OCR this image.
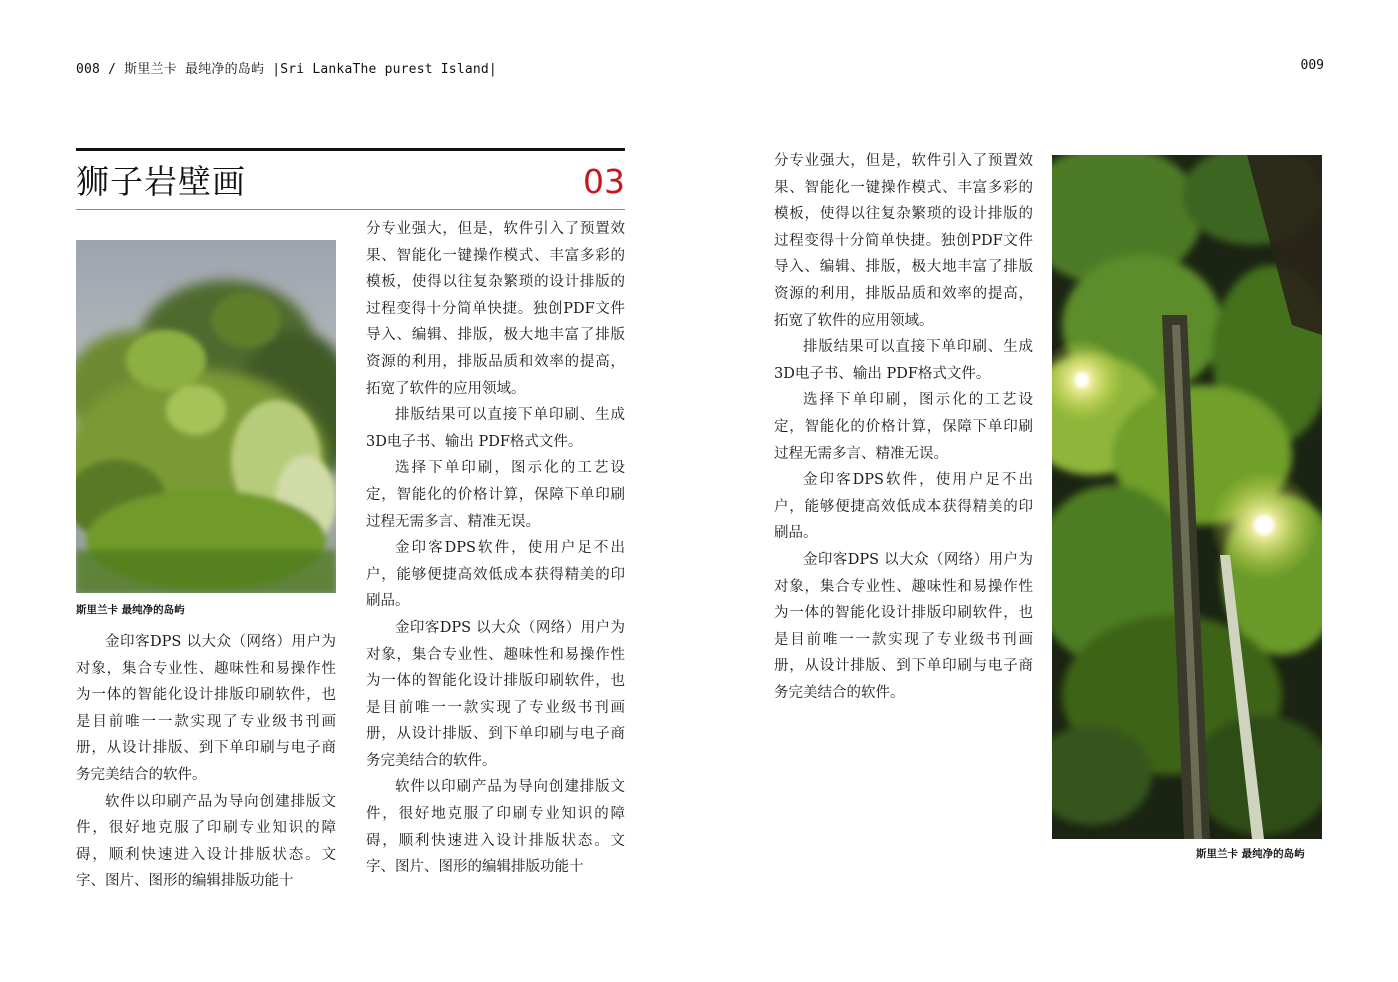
008 / 斯里兰卡 最纯净的岛屿 |Sri LankaThe purest Island|	009
狮子岩壁画	03
斯里兰卡 最纯净的岛屿

金印客DPS 以大众（网络）用户为对象，集合专业性、趣味性和易操作性为一体的智能化设计排版印刷软件，也是目前唯一一款实现了专业级书刊画册，从设计排版、到下单印刷与电子商务完美结合的软件。

软件以印刷产品为导向创建排版文件，很好地克服了印刷专业知识的障碍，顺利快速进入设计排版状态。文字、图片、图形的编辑排版功能十

分专业强大，但是，软件引入了预置效果、智能化一键操作模式、丰富多彩的模板，使得以往复杂繁琐的设计排版的过程变得十分简单快捷。独创PDF文件导入、编辑、排版，极大地丰富了排版资源的利用，排版品质和效率的提高，拓宽了软件的应用领域。

排版结果可以直接下单印刷、生成3D电子书、输出 PDF格式文件。

选择下单印刷，图示化的工艺设定，智能化的价格计算，保障下单印刷过程无需多言、精准无误。

金印客DPS软件，使用户足不出户，能够便捷高效低成本获得精美的印刷品。

金印客DPS 以大众（网络）用户为对象，集合专业性、趣味性和易操作性为一体的智能化设计排版印刷软件，也是目前唯一一款实现了专业级书刊画册，从设计排版、到下单印刷与电子商务完美结合的软件。

软件以印刷产品为导向创建排版文件，很好地克服了印刷专业知识的障碍，顺利快速进入设计排版状态。文字、图片、图形的编辑排版功能十

分专业强大，但是，软件引入了预置效果、智能化一键操作模式、丰富多彩的模板，使得以往复杂繁琐的设计排版的过程变得十分简单快捷。独创PDF文件导入、编辑、排版，极大地丰富了排版资源的利用，排版品质和效率的提高，拓宽了软件的应用领域。

排版结果可以直接下单印刷、生成3D电子书、输出 PDF格式文件。

选择下单印刷，图示化的工艺设定，智能化的价格计算，保障下单印刷过程无需多言、精准无误。

金印客DPS软件，使用户足不出户，能够便捷高效低成本获得精美的印刷品。

金印客DPS 以大众（网络）用户为对象，集合专业性、趣味性和易操作性为一体的智能化设计排版印刷软件，也是目前唯一一款实现了专业级书刊画册，从设计排版、到下单印刷与电子商务完美结合的软件。

斯里兰卡 最纯净的岛屿
